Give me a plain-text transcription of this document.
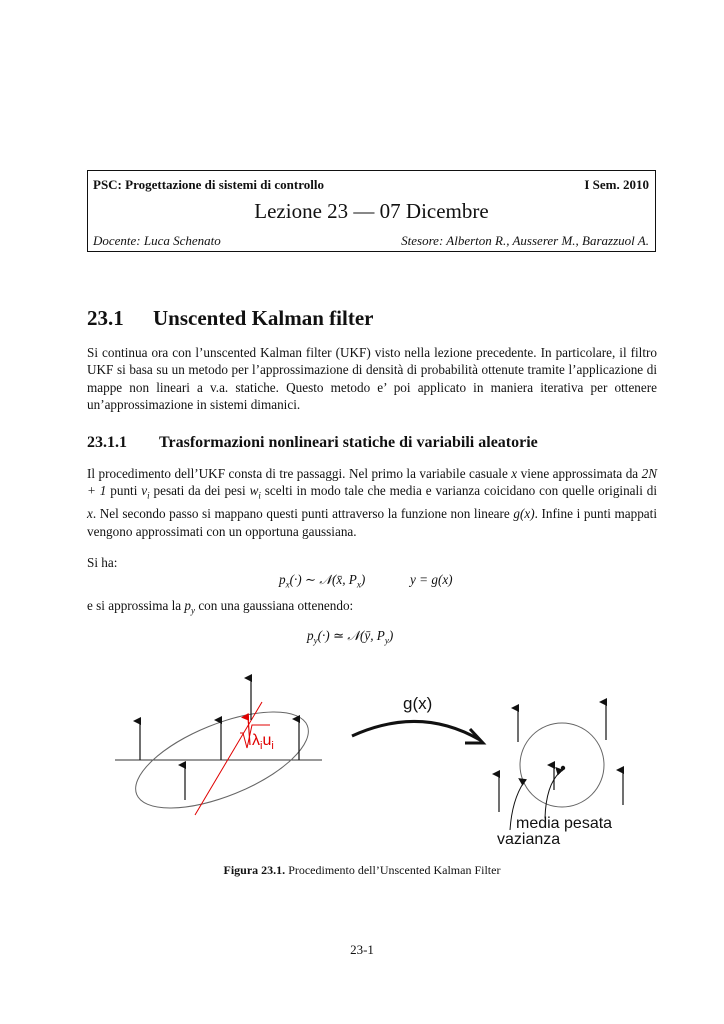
PSC: Progettazione di sistemi di controllo	I Sem. 2010
Lezione 23 — 07 Dicembre
Docente: Luca Schenato	Stesore: Alberton R., Ausserer M., Barazzuol A.
23.1 Unscented Kalman filter
Si continua ora con l’unscented Kalman filter (UKF) visto nella lezione precedente. In particolare, il filtro UKF si basa su un metodo per l’approssimazione di densità di probabilità ottenute tramite l’applicazione di mappe non lineari a v.a. statiche. Questo metodo e’ poi applicato in maniera iterativa per ottenere un’approssimazione in sistemi dimanici.
23.1.1 Trasformazioni nonlineari statiche di variabili aleatorie
Il procedimento dell’UKF consta di tre passaggi. Nel primo la variabile casuale x viene approssimata da 2N + 1 punti $v_i$ pesati da dei pesi $w_i$ scelti in modo tale che media e varianza coicidano con quelle originali di x. Nel secondo passo si mappano questi punti attraverso la funzione non lineare g(x). Infine i punti mappati vengono approssimati con un opportuna gaussiana.
Si ha:
$p_x(\cdot)$ ∼ 𝒩(x̄, $P_x$)	y = g(x)
e si approssima la $p_y$ con una gaussiana ottenendo:
$p_y(\cdot)$ ≃ 𝒩(ȳ, $P_y$)
$\lambda_iu_i$
g(x)
media pesata
vazianza
Figura 23.1. Procedimento dell’Unscented Kalman Filter
23-1
